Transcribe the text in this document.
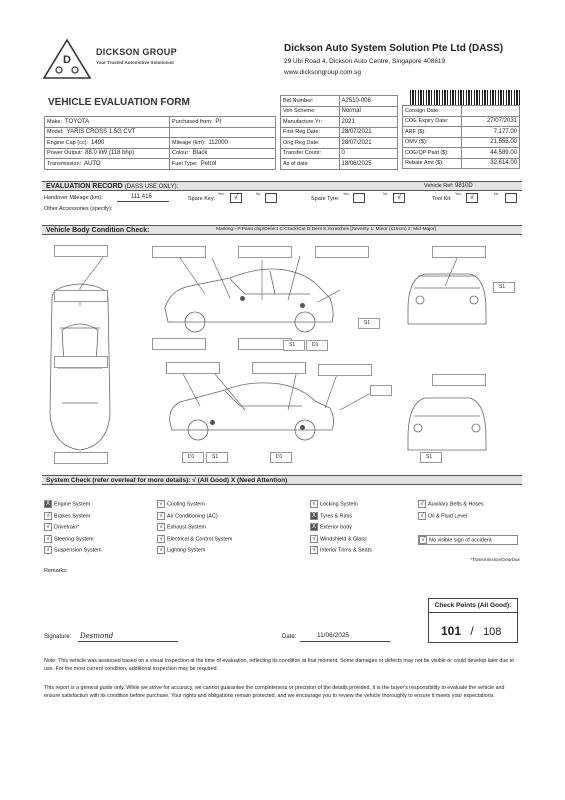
D
DICKSON GROUP
Your Trusted Automotive Solutionist
Dickson Auto System Solution Pte Ltd (DASS)
29 Ubi Road 4, Dickson Auto Centre, Singapore 408619
www.dicksongroup.com.sg
VEHICLE EVALUATION FORM
Make: TOYOTA	Purchased from: PI
Model: YARIS CROSS 1.5G CVT	
Engine Cap (cc): 1490	Mileage (km): 112000
Power Output: 88.0 kW (118 bhp)	Colour: Black
Transmission: AUTO	Fuel Type: Petrol
Bid Number:	A2510-006
Veh Scheme:	Normal
Manufacture Yr:	2021
First Reg Date:	28/07/2021
Orig Reg Date:	28/07/2021
Transfer Count:	0
As of date	18/06/2025
Consign Date:	
COE Expiry Date:	27/07/2031
ARF ($):	7,177.00
OMV ($):	21,555.00
COE/QP Paid ($):	44,589.00
Rebate Amt ($):	32,614.00
EVALUATION RECORD (DASS USE ONLY):	Vehicle Ref: 9810D
Handover Mileage (km):	111,416	Spare Key:
Yes √	No
Spare Tyre:
Yes	No √	Tool Kit:
Yes √	No
Other Accessories (specify):
Vehicle Body Condition Check:	Marking:- P:Paint chip/Defect C:Crack/Cut D:Dent S:Scratches [Severity 1: Minor (≤15cm) 2: Mid-Major]
S1	D1
S1
S1
D1	S1	D1	S1
System Check (refer overleaf for more details): √ (All Good) X (Need Attention)
X Engine System
√ Brakes System
√ Drivetrain*
√ Steering System
√ Suspension System
√ Cooling System
√ Air Conditioning (AC)
√ Exhaust System
√ Electrical & Control System
√ Lighting System
√ Locking System
X Tyres & Rims
X Exterior body
√ Windshield & Glass
√ Interior Trims & Seats
√ Auxiliary Belts & Hoses
√ Oil & Fluid Level
√ No visible sign of accident
*Transmission/Gearbox
Remarks:
Check Points (All Good):
101 / 108
Signature: Desmond	Date:	11/06/2025
Note: This vehicle was assessed based on a visual inspection at the time of evaluation, reflecting its condition at that moment. Some damages or defects may not be visible or could develop later due to use. For the most current condition, additional inspection may be required.
This report is a general guide only. While we strive for accuracy, we cannot guarantee the completeness or precision of the details provided. It is the buyer's responsibility to evaluate the vehicle and ensure satisfaction with its condition before purchase. Your rights and obligations remain protected, and we encourage you to review the vehicle thoroughly to ensure it meets your expectations.
